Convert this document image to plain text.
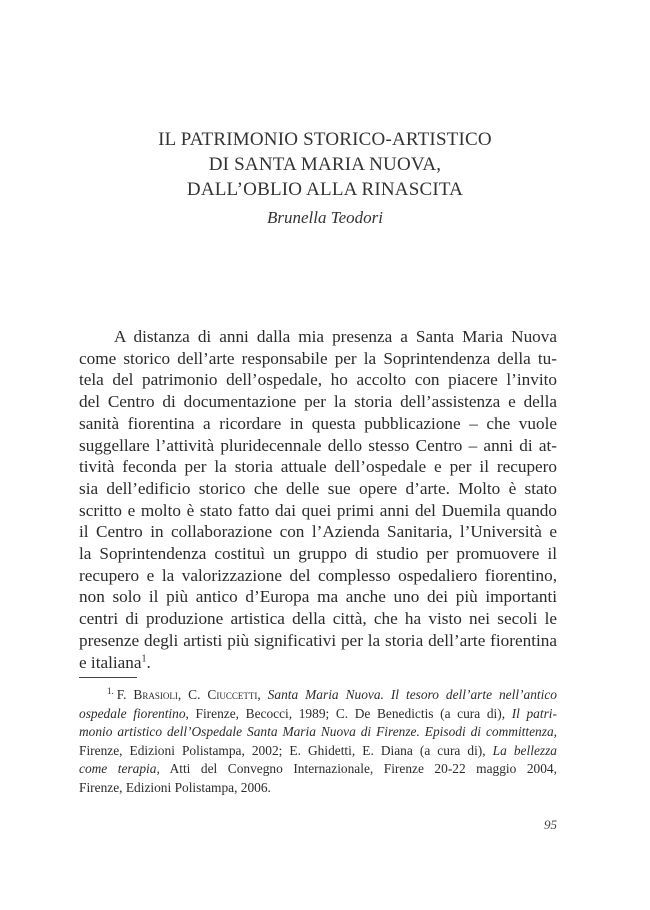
IL PATRIMONIO STORICO-ARTISTICO
DI SANTA MARIA NUOVA,
DALL’OBLIO ALLA RINASCITA
Brunella Teodori
A distanza di anni dalla mia presenza a Santa Maria Nuova
come storico dell’arte responsabile per la Soprintendenza della tu-
tela del patrimonio dell’ospedale, ho accolto con piacere l’invito
del Centro di documentazione per la storia dell’assistenza e della
sanità fiorentina a ricordare in questa pubblicazione – che vuole
suggellare l’attività pluridecennale dello stesso Centro – anni di at-
tività feconda per la storia attuale dell’ospedale e per il recupero
sia dell’edificio storico che delle sue opere d’arte. Molto è stato
scritto e molto è stato fatto dai quei primi anni del Duemila quando
il Centro in collaborazione con l’Azienda Sanitaria, l’Università e
la Soprintendenza costituì un gruppo di studio per promuovere il
recupero e la valorizzazione del complesso ospedaliero fiorentino,
non solo il più antico d’Europa ma anche uno dei più importanti
centri di produzione artistica della città, che ha visto nei secoli le
presenze degli artisti più significativi per la storia dell’arte fiorentina
e italiana$^1$.
$^{1.}$ F. Brasioli, C. Ciuccetti, Santa Maria Nuova. Il tesoro dell’arte nell’antico
ospedale fiorentino, Firenze, Becocci, 1989; C. De Benedictis (a cura di), Il patri-
monio artistico dell’Ospedale Santa Maria Nuova di Firenze. Episodi di committenza,
Firenze, Edizioni Polistampa, 2002; E. Ghidetti, E. Diana (a cura di), La bellezza
come terapia, Atti del Convegno Internazionale, Firenze 20-22 maggio 2004,
Firenze, Edizioni Polistampa, 2006.
95
